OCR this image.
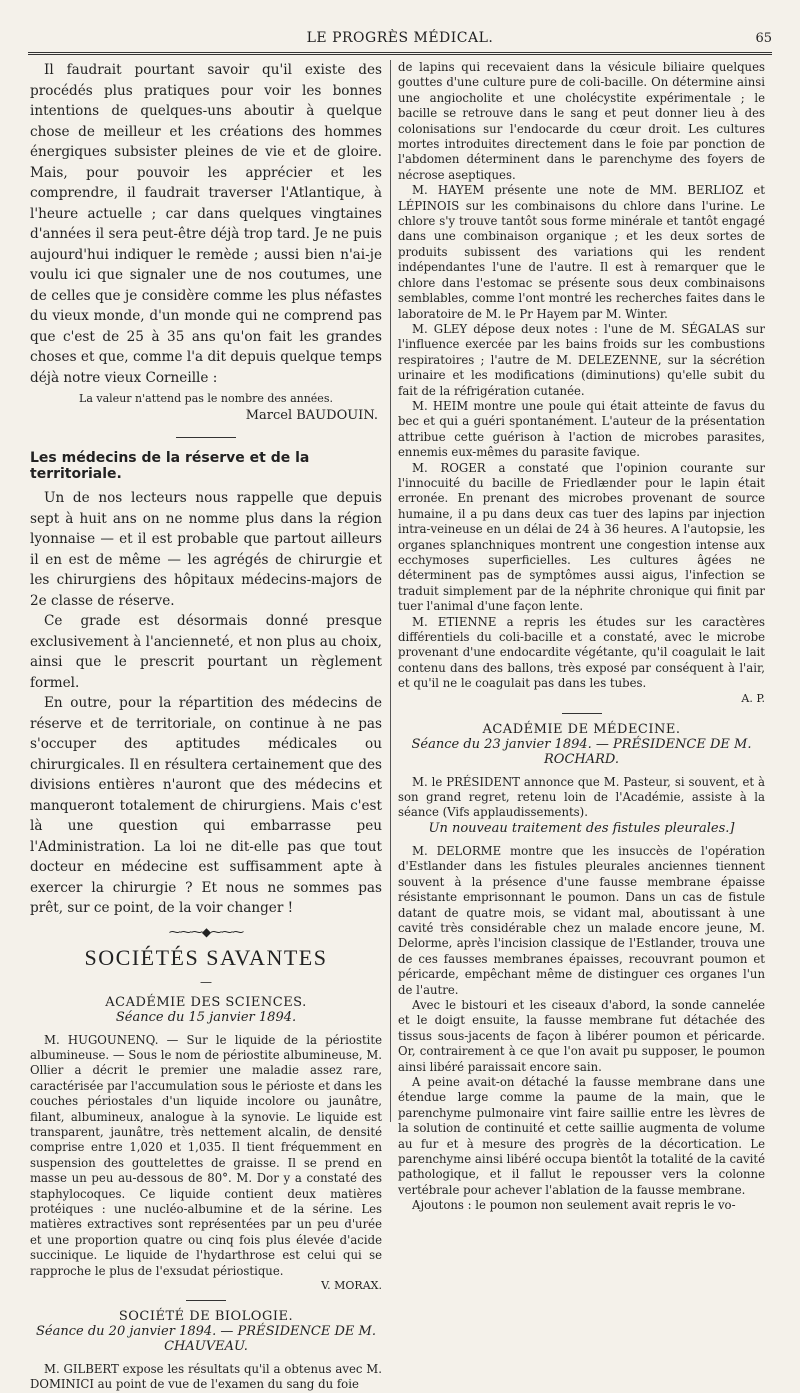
LE PROGRÈS MÉDICAL.	65

Il faudrait pourtant savoir qu'il existe des procédés plus pratiques pour voir les bonnes intentions de quelques-uns aboutir à quelque chose de meilleur et les créations des hommes énergiques subsister pleines de vie et de gloire. Mais, pour pouvoir les apprécier et les comprendre, il faudrait traverser l'Atlantique, à l'heure actuelle ; car dans quelques vingtaines d'années il sera peut-être déjà trop tard. Je ne puis aujourd'hui indiquer le remède ; aussi bien n'ai-je voulu ici que signaler une de nos coutumes, une de celles que je considère comme les plus néfastes du vieux monde, d'un monde qui ne comprend pas que c'est de 25 à 35 ans qu'on fait les grandes choses et que, comme l'a dit depuis quelque temps déjà notre vieux Corneille :

La valeur n'attend pas le nombre des années.
Marcel BAUDOUIN.
Les médecins de la réserve et de la territoriale.

Un de nos lecteurs nous rappelle que depuis sept à huit ans on ne nomme plus dans la région lyonnaise — et il est probable que partout ailleurs il en est de même — les agrégés de chirurgie et les chirurgiens des hôpitaux médecins-majors de 2e classe de réserve.

Ce grade est désormais donné presque exclusivement à l'ancienneté, et non plus au choix, ainsi que le prescrit pourtant un règlement formel.

En outre, pour la répartition des médecins de réserve et de territoriale, on continue à ne pas s'occuper des aptitudes médicales ou chirurgicales. Il en résultera certainement que des divisions entières n'auront que des médecins et manqueront totalement de chirurgiens. Mais c'est là une question qui embarrasse peu l'Administration. La loi ne dit-elle pas que tout docteur en médecine est suffisamment apte à exercer la chirurgie ? Et nous ne sommes pas prêt, sur ce point, de la voir changer !

⁓⁓⁓◆⁓⁓⁓
SOCIÉTÉS SAVANTES
—
ACADÉMIE DES SCIENCES.
Séance du 15 janvier 1894.

M. HUGOUNENQ. — Sur le liquide de la périostite albumineuse. — Sous le nom de périostite albumineuse, M. Ollier a décrit le premier une maladie assez rare, caractérisée par l'accumulation sous le périoste et dans les couches périostales d'un liquide incolore ou jaunâtre, filant, albumineux, analogue à la synovie. Le liquide est transparent, jaunâtre, très nettement alcalin, de densité comprise entre 1,020 et 1,035. Il tient fréquemment en suspension des gouttelettes de graisse. Il se prend en masse un peu au-dessous de 80°. M. Dor y a constaté des staphylocoques. Ce liquide contient deux matières protéiques : une nucléo-albumine et de la sérine. Les matières extractives sont représentées par un peu d'urée et une proportion quatre ou cinq fois plus élevée d'acide succinique. Le liquide de l'hydarthrose est celui qui se rapproche le plus de l'exsudat périostique.

V. MORAX.
SOCIÉTÉ DE BIOLOGIE.
Séance du 20 janvier 1894. — PRÉSIDENCE DE M. CHAUVEAU.

M. GILBERT expose les résultats qu'il a obtenus avec M. DOMINICI au point de vue de l'examen du sang du foie

de lapins qui recevaient dans la vésicule biliaire quelques gouttes d'une culture pure de coli-bacille. On détermine ainsi une angiocholite et une cholécystite expérimentale ; le bacille se retrouve dans le sang et peut donner lieu à des colonisations sur l'endocarde du cœur droit. Les cultures mortes introduites directement dans le foie par ponction de l'abdomen déterminent dans le parenchyme des foyers de nécrose aseptiques.

M. HAYEM présente une note de MM. BERLIOZ et LÉPINOIS sur les combinaisons du chlore dans l'urine. Le chlore s'y trouve tantôt sous forme minérale et tantôt engagé dans une combinaison organique ; et les deux sortes de produits subissent des variations qui les rendent indépendantes l'une de l'autre. Il est à remarquer que le chlore dans l'estomac se présente sous deux combinaisons semblables, comme l'ont montré les recherches faites dans le laboratoire de M. le Pr Hayem par M. Winter.

M. GLEY dépose deux notes : l'une de M. SÉGALAS sur l'influence exercée par les bains froids sur les combustions respiratoires ; l'autre de M. DELEZENNE, sur la sécrétion urinaire et les modifications (diminutions) qu'elle subit du fait de la réfrigération cutanée.

M. HEIM montre une poule qui était atteinte de favus du bec et qui a guéri spontanément. L'auteur de la présentation attribue cette guérison à l'action de microbes parasites, ennemis eux-mêmes du parasite favique.

M. ROGER a constaté que l'opinion courante sur l'innocuité du bacille de Friedlænder pour le lapin était erronée. En prenant des microbes provenant de source humaine, il a pu dans deux cas tuer des lapins par injection intra-veineuse en un délai de 24 à 36 heures. A l'autopsie, les organes splanchniques montrent une congestion intense aux ecchymoses superficielles. Les cultures âgées ne déterminent pas de symptômes aussi aigus, l'infection se traduit simplement par de la néphrite chronique qui finit par tuer l'animal d'une façon lente.

M. ETIENNE a repris les études sur les caractères différentiels du coli-bacille et a constaté, avec le microbe provenant d'une endocardite végétante, qu'il coagulait le lait contenu dans des ballons, très exposé par conséquent à l'air, et qu'il ne le coagulait pas dans les tubes.

A. P.
ACADÉMIE DE MÉDECINE.
Séance du 23 janvier 1894. — PRÉSIDENCE DE M. ROCHARD.

M. le PRÉSIDENT annonce que M. Pasteur, si souvent, et à son grand regret, retenu loin de l'Académie, assiste à la séance (Vifs applaudissements).

Un nouveau traitement des fistules pleurales.]

M. DELORME montre que les insuccès de l'opération d'Estlander dans les fistules pleurales anciennes tiennent souvent à la présence d'une fausse membrane épaisse résistante emprisonnant le poumon. Dans un cas de fistule datant de quatre mois, se vidant mal, aboutissant à une cavité très considérable chez un malade encore jeune, M. Delorme, après l'incision classique de l'Estlander, trouva une de ces fausses membranes épaisses, recouvrant poumon et péricarde, empêchant même de distinguer ces organes l'un de l'autre.

Avec le bistouri et les ciseaux d'abord, la sonde cannelée et le doigt ensuite, la fausse membrane fut détachée des tissus sous-jacents de façon à libérer poumon et péricarde. Or, contrairement à ce que l'on avait pu supposer, le poumon ainsi libéré paraissait encore sain.

A peine avait-on détaché la fausse membrane dans une étendue large comme la paume de la main, que le parenchyme pulmonaire vint faire saillie entre les lèvres de la solution de continuité et cette saillie augmenta de volume au fur et à mesure des progrès de la décortication. Le parenchyme ainsi libéré occupa bientôt la totalité de la cavité pathologique, et il fallut le repousser vers la colonne vertébrale pour achever l'ablation de la fausse membrane.

Ajoutons : le poumon non seulement avait repris le vo-
